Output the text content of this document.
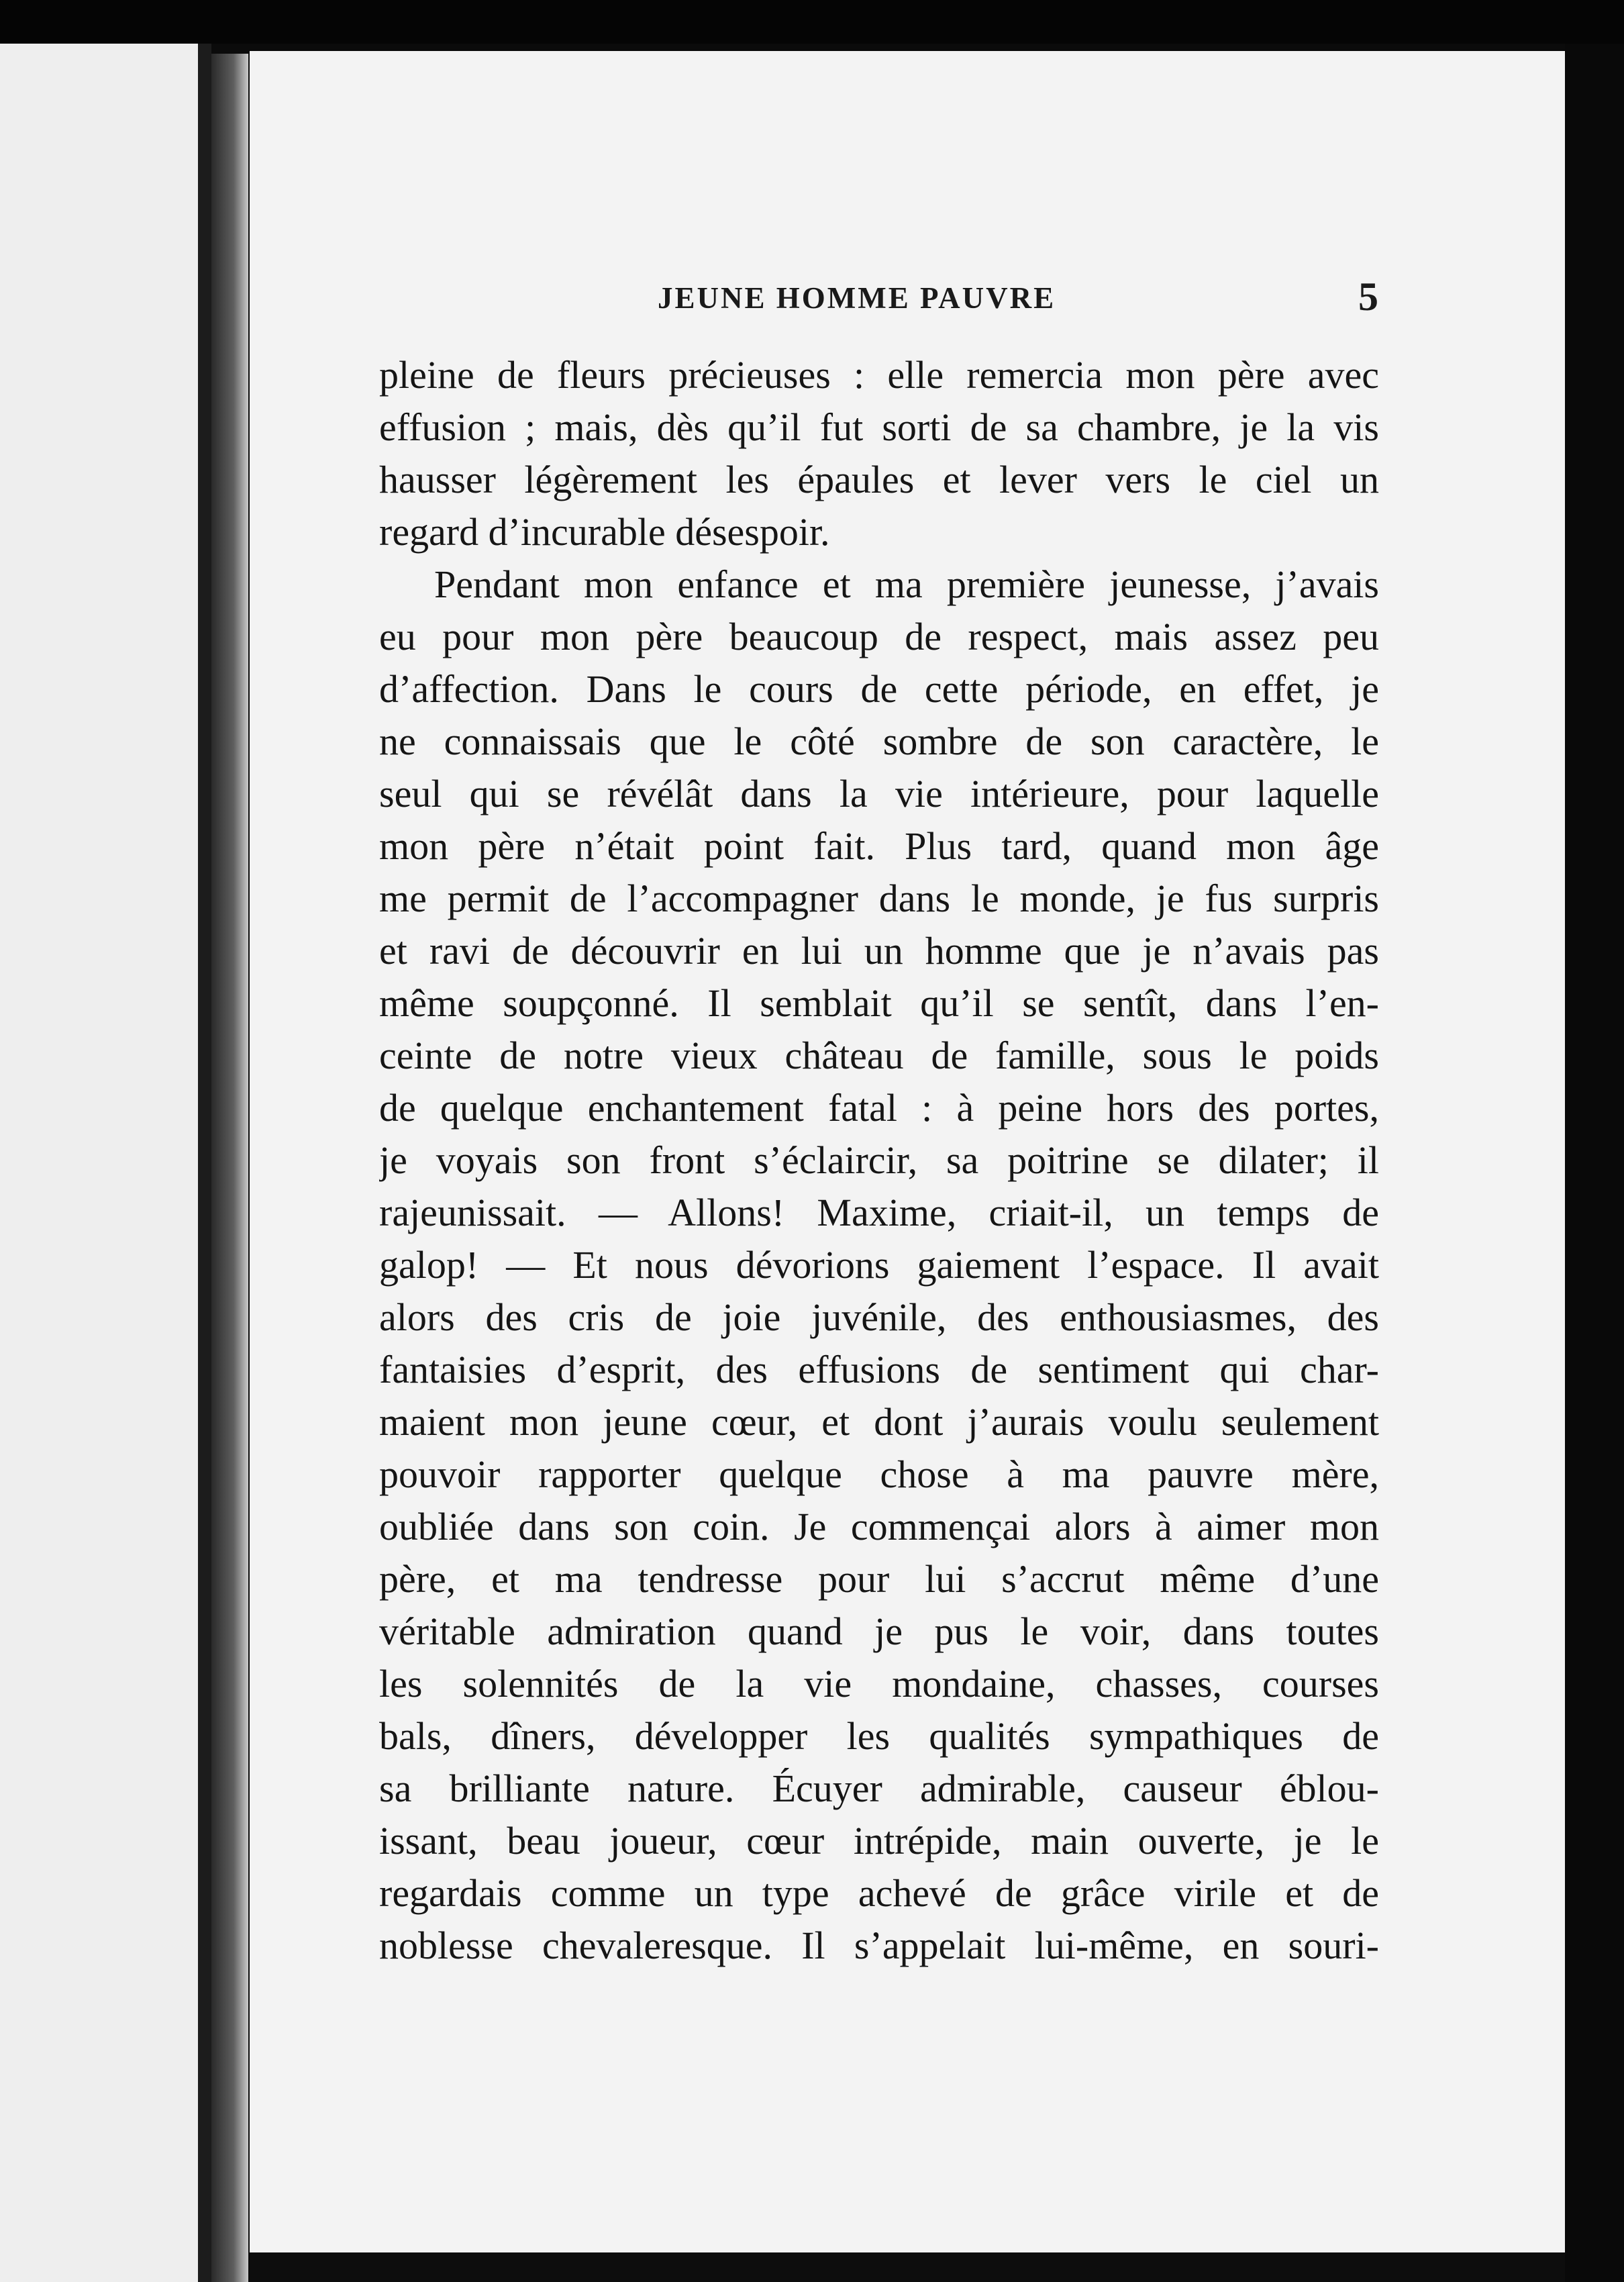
JEUNE HOMME PAUVRE	5
pleine de fleurs précieuses : elle remercia mon père avec
effusion ; mais, dès qu’il fut sorti de sa chambre, je la vis
hausser légèrement les épaules et lever vers le ciel un
regard d’incurable désespoir.
Pendant mon enfance et ma première jeunesse, j’avais
eu pour mon père beaucoup de respect, mais assez peu
d’affection. Dans le cours de cette période, en effet, je
ne connaissais que le côté sombre de son caractère, le
seul qui se révélât dans la vie intérieure, pour laquelle
mon père n’était point fait. Plus tard, quand mon âge
me permit de l’accompagner dans le monde, je fus surpris
et ravi de découvrir en lui un homme que je n’avais pas
même soupçonné. Il semblait qu’il se sentît, dans l’en-
ceinte de notre vieux château de famille, sous le poids
de quelque enchantement fatal : à peine hors des portes,
je voyais son front s’éclaircir, sa poitrine se dilater; il
rajeunissait. — Allons! Maxime, criait-il, un temps de
galop! — Et nous dévorions gaiement l’espace. Il avait
alors des cris de joie juvénile, des enthousiasmes, des
fantaisies d’esprit, des effusions de sentiment qui char-
maient mon jeune cœur, et dont j’aurais voulu seulement
pouvoir rapporter quelque chose à ma pauvre mère,
oubliée dans son coin. Je commençai alors à aimer mon
père, et ma tendresse pour lui s’accrut même d’une
véritable admiration quand je pus le voir, dans toutes
les solennités de la vie mondaine, chasses, courses
bals, dîners, développer les qualités sympathiques de
sa brilliante nature. Écuyer admirable, causeur éblou-
issant, beau joueur, cœur intrépide, main ouverte, je le
regardais comme un type achevé de grâce virile et de
noblesse chevaleresque. Il s’appelait lui-même, en souri-
